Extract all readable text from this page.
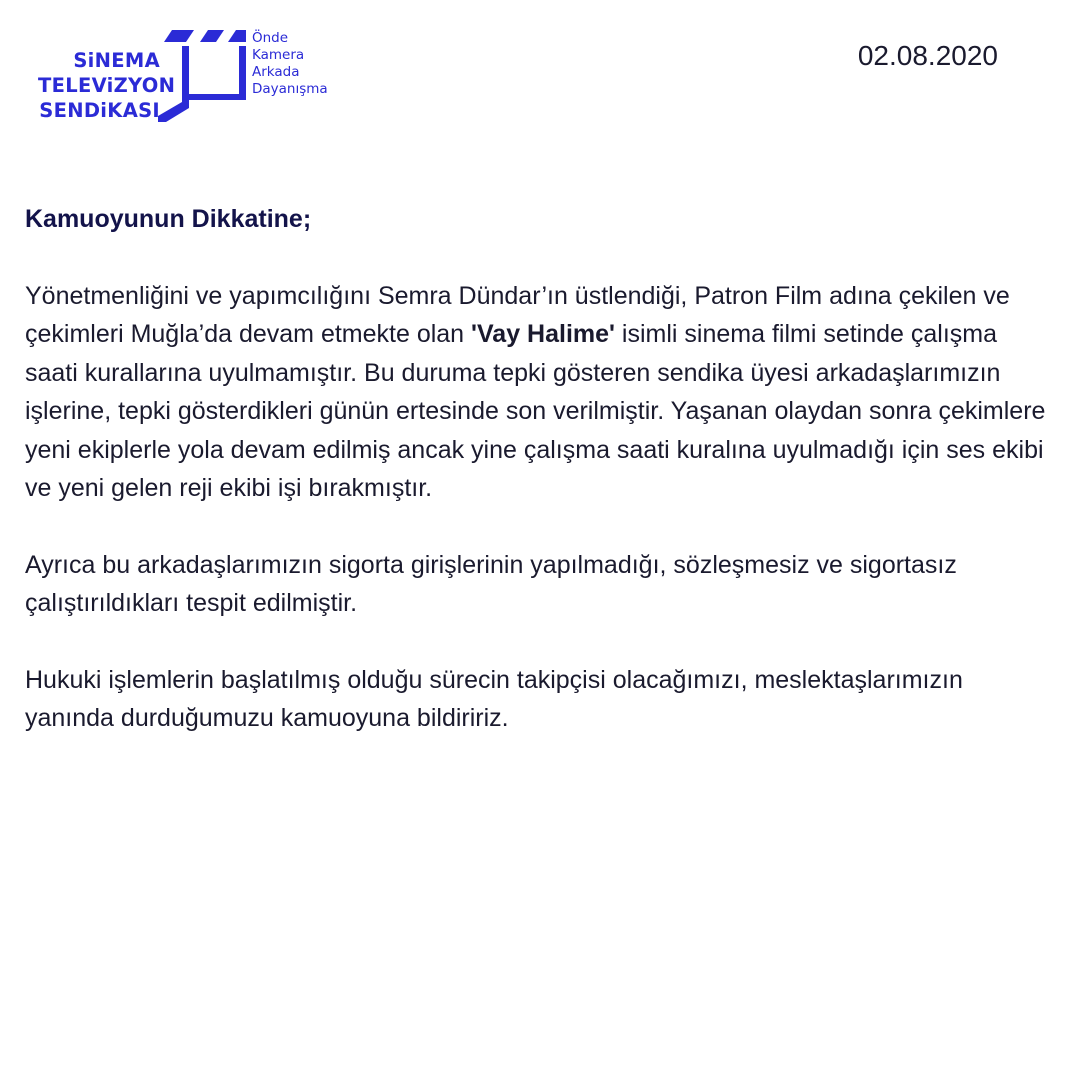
SiNEMA
TELEViZYON
SENDiKASI
Önde
Kamera
Arkada
Dayanışma
02.08.2020

Kamuoyunun Dikkatine;

Yönetmenliğini ve yapımcılığını Semra Dündar’ın üstlendiği, Patron Film adına çekilen ve çekimleri Muğla’da devam etmekte olan 'Vay Halime' isimli sinema filmi setinde çalışma saati kurallarına uyulmamıştır. Bu duruma tepki gösteren sendika üyesi arkadaşlarımızın işlerine, tepki gösterdikleri günün ertesinde son verilmiştir. Yaşanan olaydan sonra çekimlere yeni ekiplerle yola devam edilmiş ancak yine çalışma saati kuralına uyulmadığı için ses ekibi ve yeni gelen reji ekibi işi bırakmıştır.

Ayrıca bu arkadaşlarımızın sigorta girişlerinin yapılmadığı, sözleşmesiz ve sigortasız çalıştırıldıkları tespit edilmiştir.

Hukuki işlemlerin başlatılmış olduğu sürecin takipçisi olacağımızı, meslektaşlarımızın yanında durduğumuzu kamuoyuna bildiririz.
